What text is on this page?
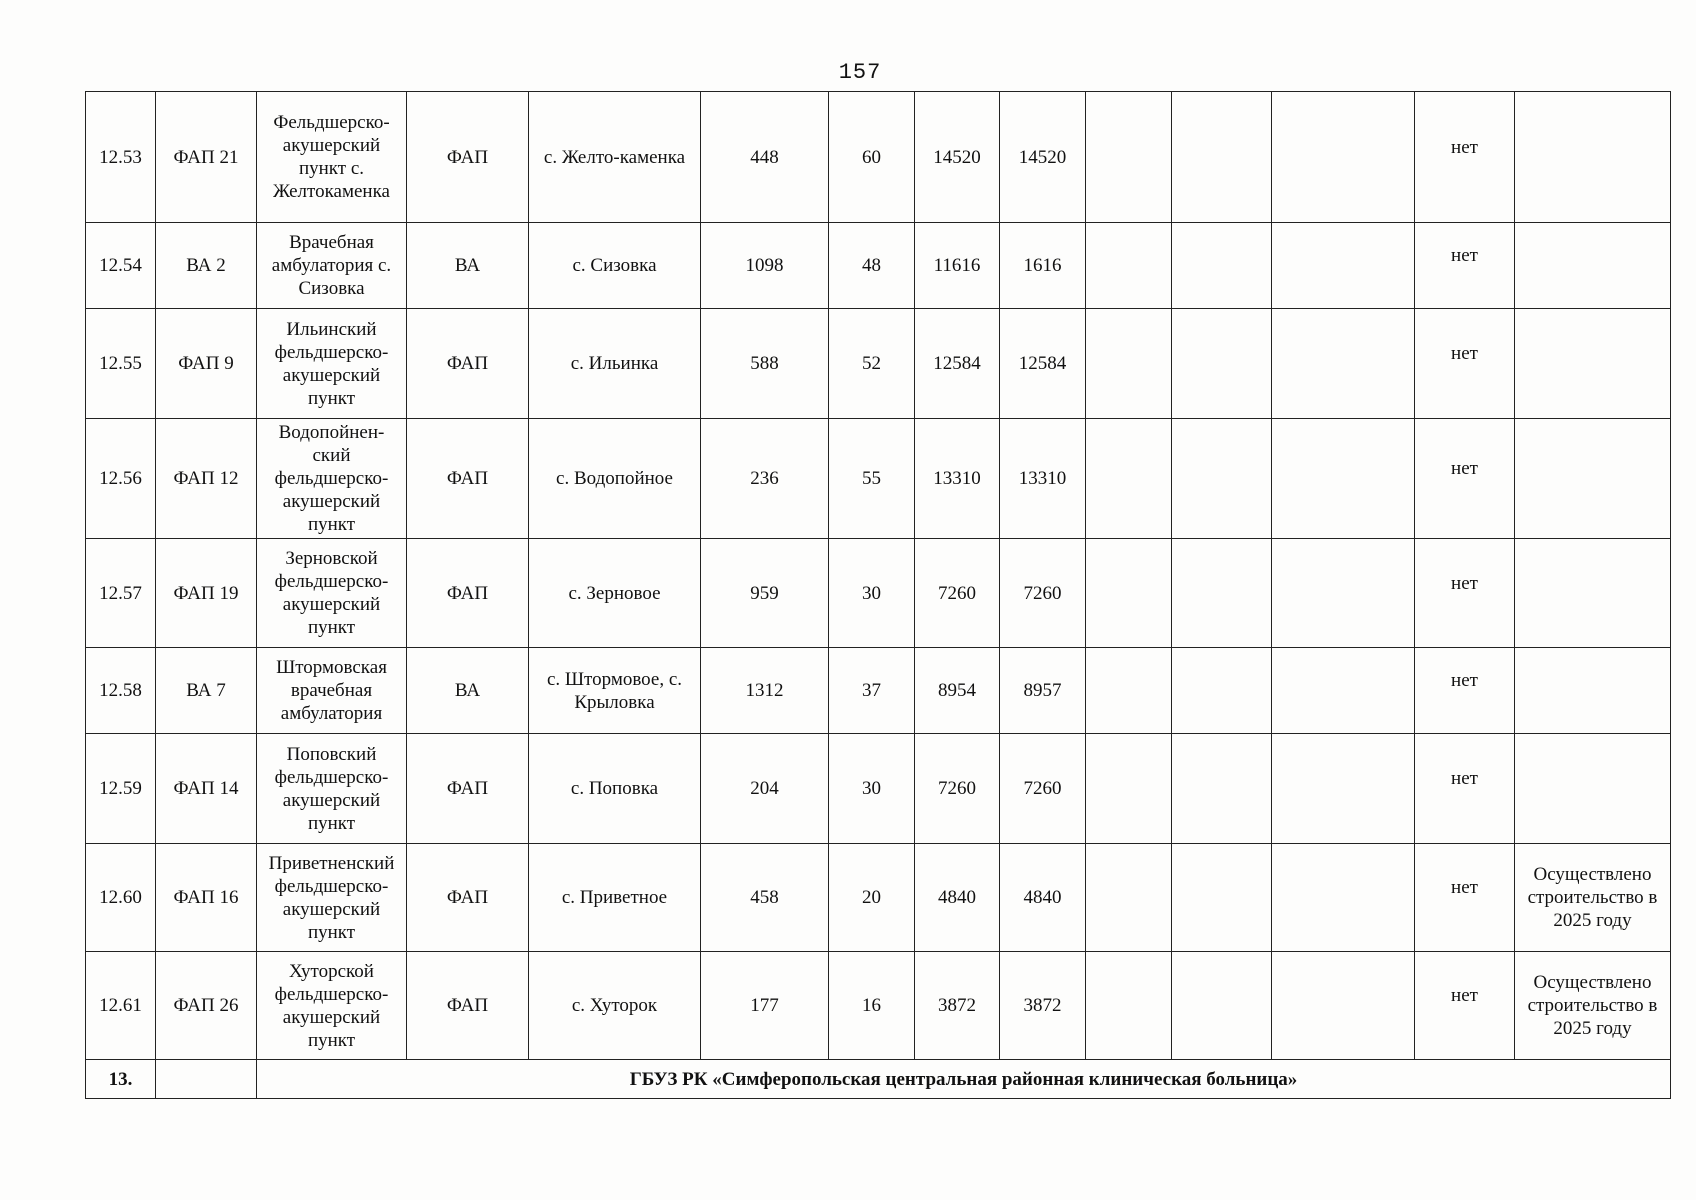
157
12.53	ФАП 21	Фельдшерско-акушерский пункт с. Желтокаменка	ФАП	с. Желто-каменка	448	60	14520	14520				нет	
12.54	ВА 2	Врачебная амбулатория с. Сизовка	ВА	с. Сизовка	1098	48	11616	1616				нет	
12.55	ФАП 9	Ильинский фельдшерско-акушерский пункт	ФАП	с. Ильинка	588	52	12584	12584				нет	
12.56	ФАП 12	Водопойнен-ский фельдшерско-акушерский пункт	ФАП	с. Водопойное	236	55	13310	13310				нет	
12.57	ФАП 19	Зерновской фельдшерско-акушерский пункт	ФАП	с. Зерновое	959	30	7260	7260				нет	
12.58	ВА 7	Штормовская врачебная амбулатория	ВА	с. Штормовое, с. Крыловка	1312	37	8954	8957				нет	
12.59	ФАП 14	Поповский фельдшерско-акушерский пункт	ФАП	с. Поповка	204	30	7260	7260				нет	
12.60	ФАП 16	Приветненский фельдшерско-акушерский пункт	ФАП	с. Приветное	458	20	4840	4840				нет	Осуществлено строительство в 2025 году
12.61	ФАП 26	Хуторской фельдшерско-акушерский пункт	ФАП	с. Хуторок	177	16	3872	3872				нет	Осуществлено строительство в 2025 году
13.		ГБУЗ РК «Симферопольская центральная районная клиническая больница»											
